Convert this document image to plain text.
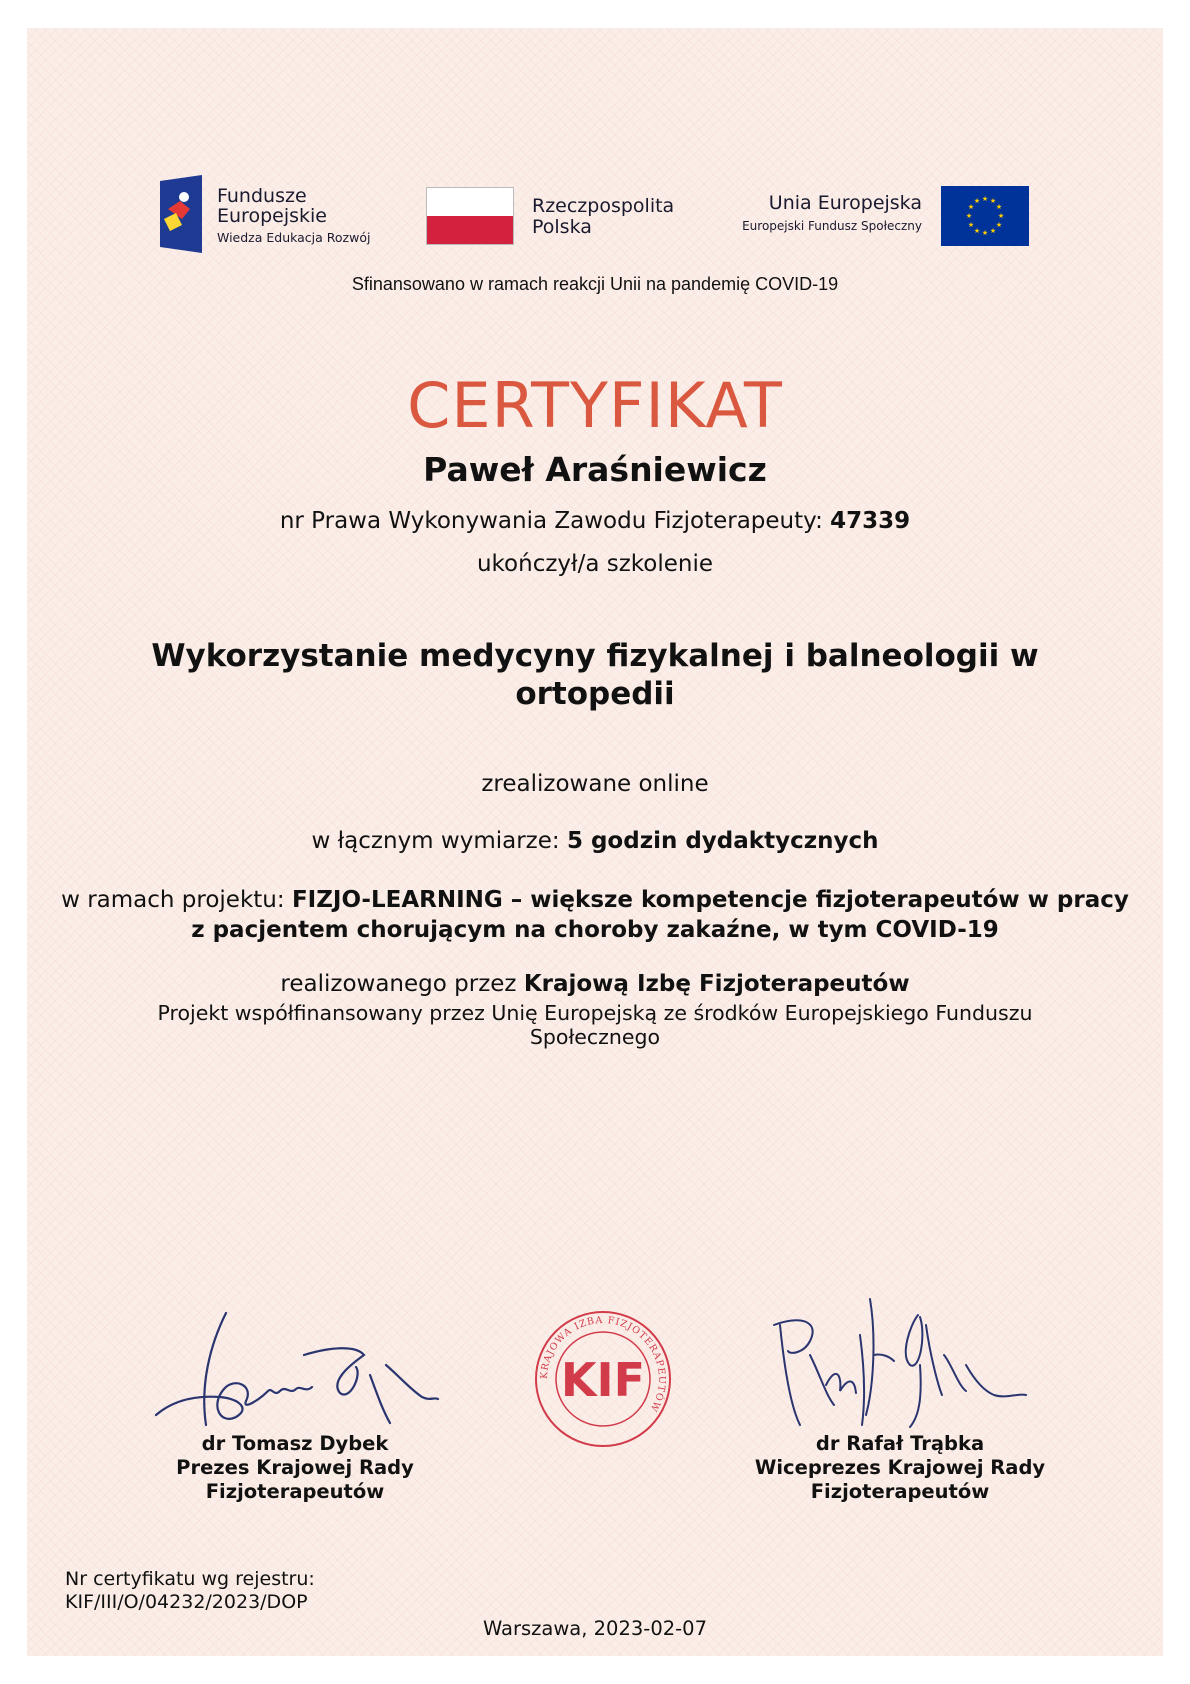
Fundusze
Europejskie
Wiedza Edukacja Rozwój
Rzeczpospolita
Polska
Unia Europejska
Europejski Fundusz Społeczny
★ ★
★
★
★
★
★
★
★
★
★
★
Sfinansowano w ramach reakcji Unii na pandemię COVID-19
CERTYFIKAT
Paweł Araśniewicz
nr Prawa Wykonywania Zawodu Fizjoterapeuty: 47339
ukończył/a szkolenie
Wykorzystanie medycyny fizykalnej i balneologii w ortopedii
zrealizowane online
w łącznym wymiarze: 5 godzin dydaktycznych
w ramach projektu: FIZJO-LEARNING – większe kompetencje fizjoterapeutów w pracy z pacjentem chorującym na choroby zakaźne, w tym COVID-19
realizowanego przez Krajową Izbę Fizjoterapeutów
Projekt współfinansowany przez Unię Europejską ze środków Europejskiego Funduszu Społecznego
KRAJOWA IZBA FIZJOTERAPEUTÓW
KIF
dr Tomasz Dybek
Prezes Krajowej Rady
Fizjoterapeutów
dr Rafał Trąbka
Wiceprezes Krajowej Rady
Fizjoterapeutów
Nr certyfikatu wg rejestru:
KIF/III/O/04232/2023/DOP
Warszawa, 2023-02-07
